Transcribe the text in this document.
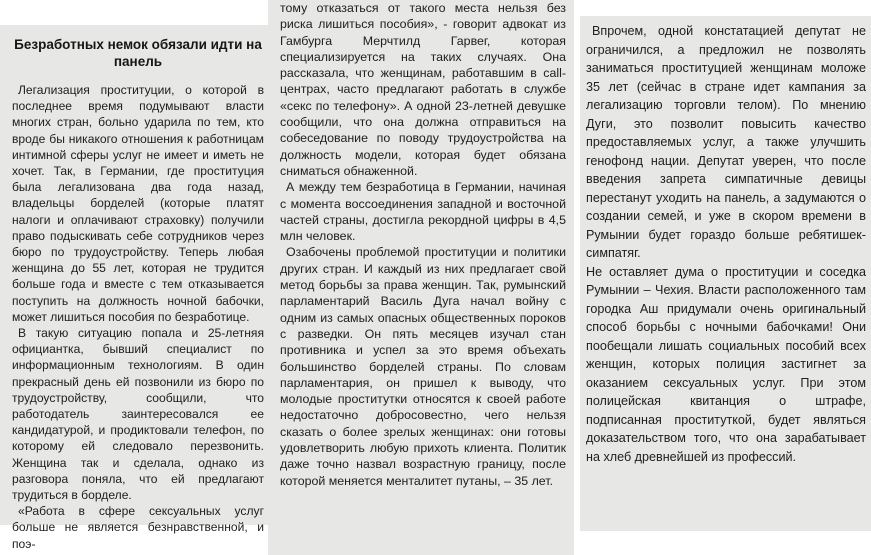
Безработных немок обязали идти на панель

Легализация проституции, о которой в последнее время подумывают власти многих стран, больно ударила по тем, кто вроде бы никакого отношения к работницам интимной сферы услуг не имеет и иметь не хочет. Так, в Германии, где проституция была легализована два года назад, владельцы борделей (которые платят налоги и оплачивают страховку) получили право подыскивать себе сотрудников через бюро по трудоустройству. Теперь любая женщина до 55 лет, которая не трудится больше года и вместе с тем отказывается поступить на должность ночной бабочки, может лишиться пособия по безработице.

В такую ситуацию попала и 25-летняя официантка, бывший специалист по информационным технологиям. В один прекрасный день ей позвонили из бюро по трудоустройству, сообщили, что работодатель заинтересовался ее кандидатурой, и продиктовали телефон, по которому ей следовало перезвонить. Женщина так и сделала, однако из разговора поняла, что ей предлагают трудиться в борделе.

«Работа в сфере сексуальных услуг больше не является безнравственной, и поэ-

тому отказаться от такого места нельзя без риска лишиться пособия», - говорит адвокат из Гамбурга Мерчтилд Гарвег, которая специализируется на таких случаях. Она рассказала, что женщинам, работавшим в call-центрах, часто предлагают работать в службе «секс по телефону». А одной 23-летней девушке сообщили, что она должна отправиться на собеседование по поводу трудоустройства на должность модели, которая будет обязана сниматься обнаженной.

А между тем безработица в Германии, начиная с момента воссоединения западной и восточной частей страны, достигла рекордной цифры в 4,5 млн человек.

Озабочены проблемой проституции и политики других стран. И каждый из них предлагает свой метод борьбы за права женщин. Так, румынский парламентарий Василь Дуга начал войну с одним из самых опасных общественных пороков с разведки. Он пять месяцев изучал стан противника и успел за это время объехать большинство борделей страны. По словам парламентария, он пришел к выводу, что молодые проститутки относятся к своей работе недостаточно добросовестно, чего нельзя сказать о более зрелых женщинах: они готовы удовлетворить любую прихоть клиента. Политик даже точно назвал возрастную границу, после которой меняется менталитет путаны, – 35 лет.

Впрочем, одной констатацией депутат не ограничился, а предложил не позволять заниматься проституцией женщинам моложе 35 лет (сейчас в стране идет кампания за легализацию торговли телом). По мнению Дуги, это позволит повысить качество предоставляемых услуг, а также улучшить генофонд нации. Депутат уверен, что после введения запрета симпатичные девицы перестанут уходить на панель, а задумаются о создании семей, и уже в скором времени в Румынии будет гораздо больше ребятишек-симпатяг.

Не оставляет дума о проституции и соседка Румынии – Чехия. Власти расположенного там городка Аш придумали очень оригинальный способ борьбы с ночными бабочками! Они пообещали лишать социальных пособий всех женщин, которых полиция застигнет за оказанием сексуальных услуг. При этом полицейская квитанция о штрафе, подписанная проституткой, будет являться доказательством того, что она зарабатывает на хлеб древнейшей из профессий.
